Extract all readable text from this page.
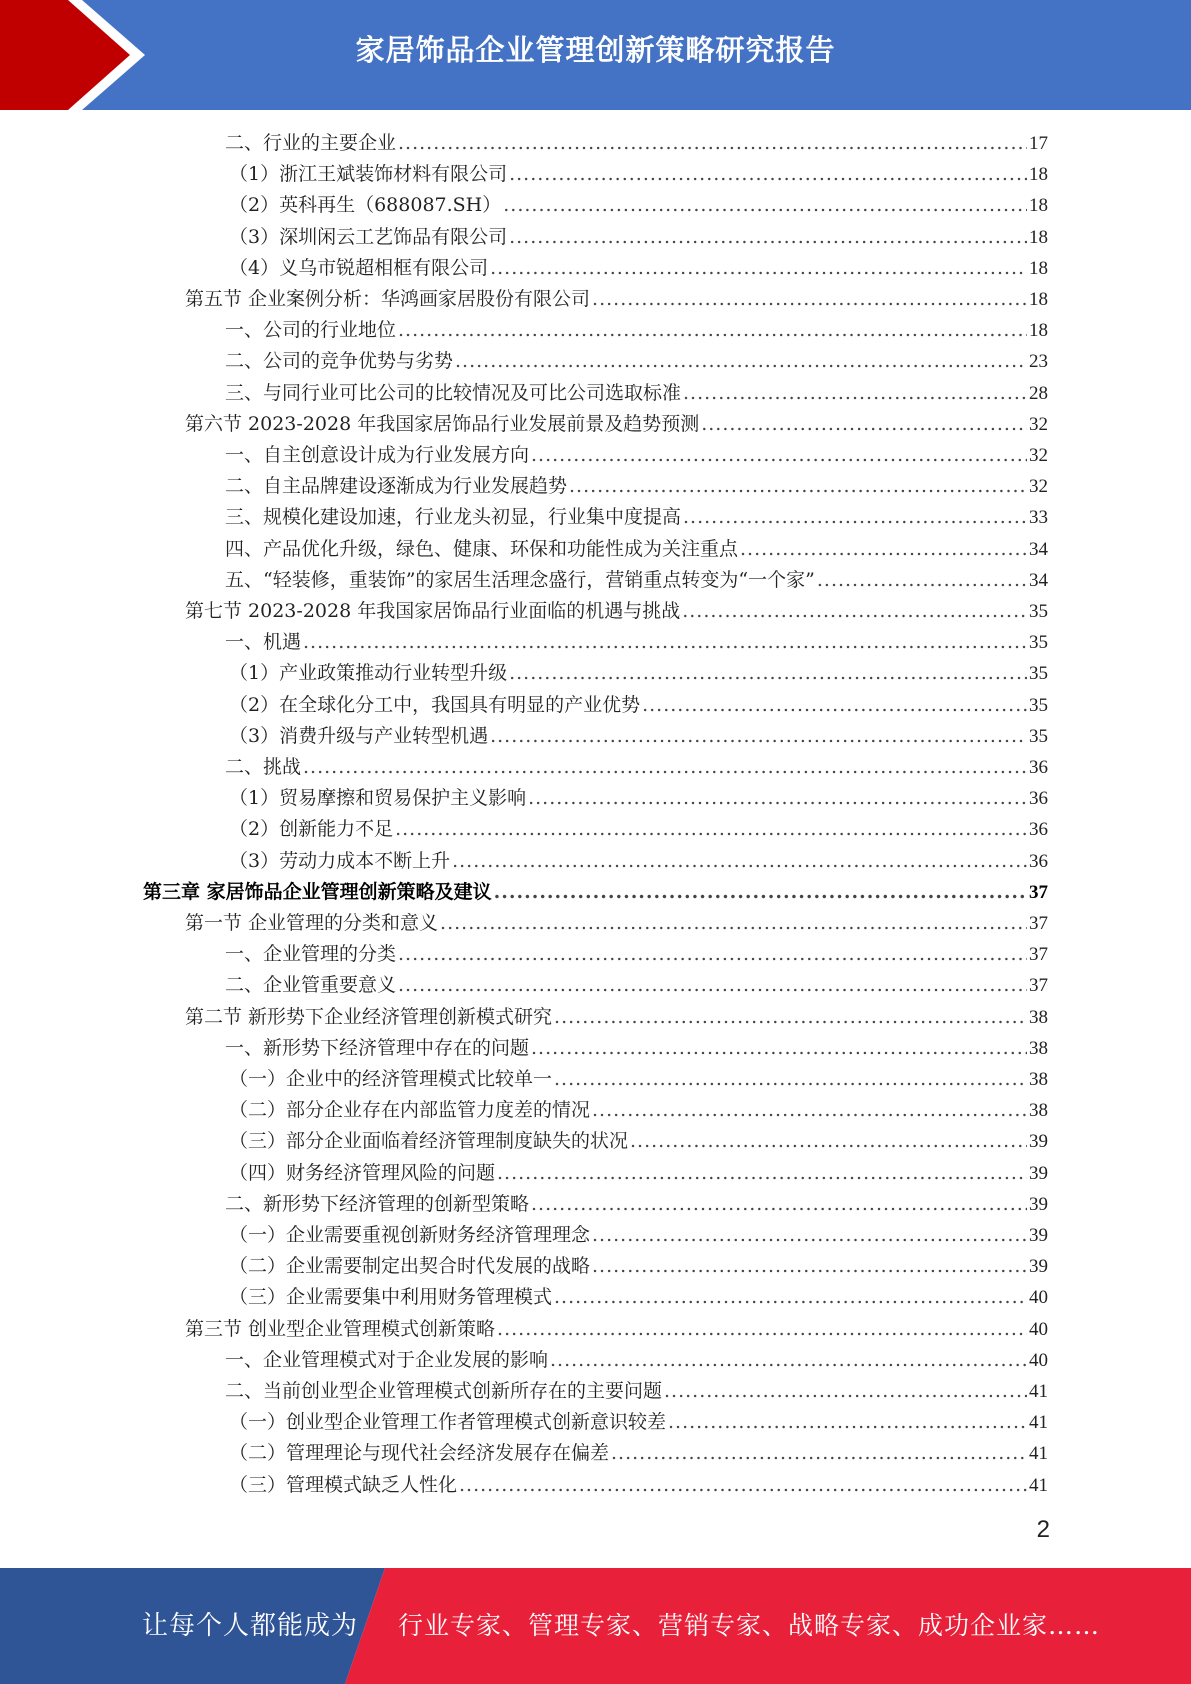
家居饰品企业管理创新策略研究报告
二、行业的主要企业 .....	17
（1）浙江王斌装饰材料有限公司 .....	18
（2）英科再生（688087.SH） .....	18
（3）深圳闲云工艺饰品有限公司 .....	18
（4）义乌市锐超相框有限公司 .....	18
第五节 企业案例分析：华鸿画家居股份有限公司 .....	18
一、公司的行业地位 .....	18
二、公司的竞争优势与劣势 .....	23
三、与同行业可比公司的比较情况及可比公司选取标准 .....	28
第六节 2023-2028 年我国家居饰品行业发展前景及趋势预测 .....	32
一、自主创意设计成为行业发展方向 .....	32
二、自主品牌建设逐渐成为行业发展趋势 .....	32
三、规模化建设加速，行业龙头初显，行业集中度提高 .....	33
四、产品优化升级，绿色、健康、环保和功能性成为关注重点 .....	34
五、“轻装修，重装饰”的家居生活理念盛行，营销重点转变为“一个家” .....	34
第七节 2023-2028 年我国家居饰品行业面临的机遇与挑战 .....	35
一、机遇 .....	35
（1）产业政策推动行业转型升级 .....	35
（2）在全球化分工中，我国具有明显的产业优势 .....	35
（3）消费升级与产业转型机遇 .....	35
二、挑战 .....	36
（1）贸易摩擦和贸易保护主义影响 .....	36
（2）创新能力不足 .....	36
（3）劳动力成本不断上升 .....	36
第三章 家居饰品企业管理创新策略及建议 .....	37
第一节 企业管理的分类和意义 .....	37
一、企业管理的分类 .....	37
二、企业管重要意义 .....	37
第二节 新形势下企业经济管理创新模式研究 .....	38
一、新形势下经济管理中存在的问题 .....	38
（一）企业中的经济管理模式比较单一 .....	38
（二）部分企业存在内部监管力度差的情况 .....	38
（三）部分企业面临着经济管理制度缺失的状况 .....	39
（四）财务经济管理风险的问题 .....	39
二、新形势下经济管理的创新型策略 .....	39
（一）企业需要重视创新财务经济管理理念 .....	39
（二）企业需要制定出契合时代发展的战略 .....	39
（三）企业需要集中利用财务管理模式 .....	40
第三节 创业型企业管理模式创新策略 .....	40
一、企业管理模式对于企业发展的影响 .....	40
二、当前创业型企业管理模式创新所存在的主要问题 .....	41
（一）创业型企业管理工作者管理模式创新意识较差 .....	41
（二）管理理论与现代社会经济发展存在偏差 .....	41
（三）管理模式缺乏人性化 .....	41
2
让每个人都能成为 行业专家、管理专家、营销专家、战略专家、成功企业家……
